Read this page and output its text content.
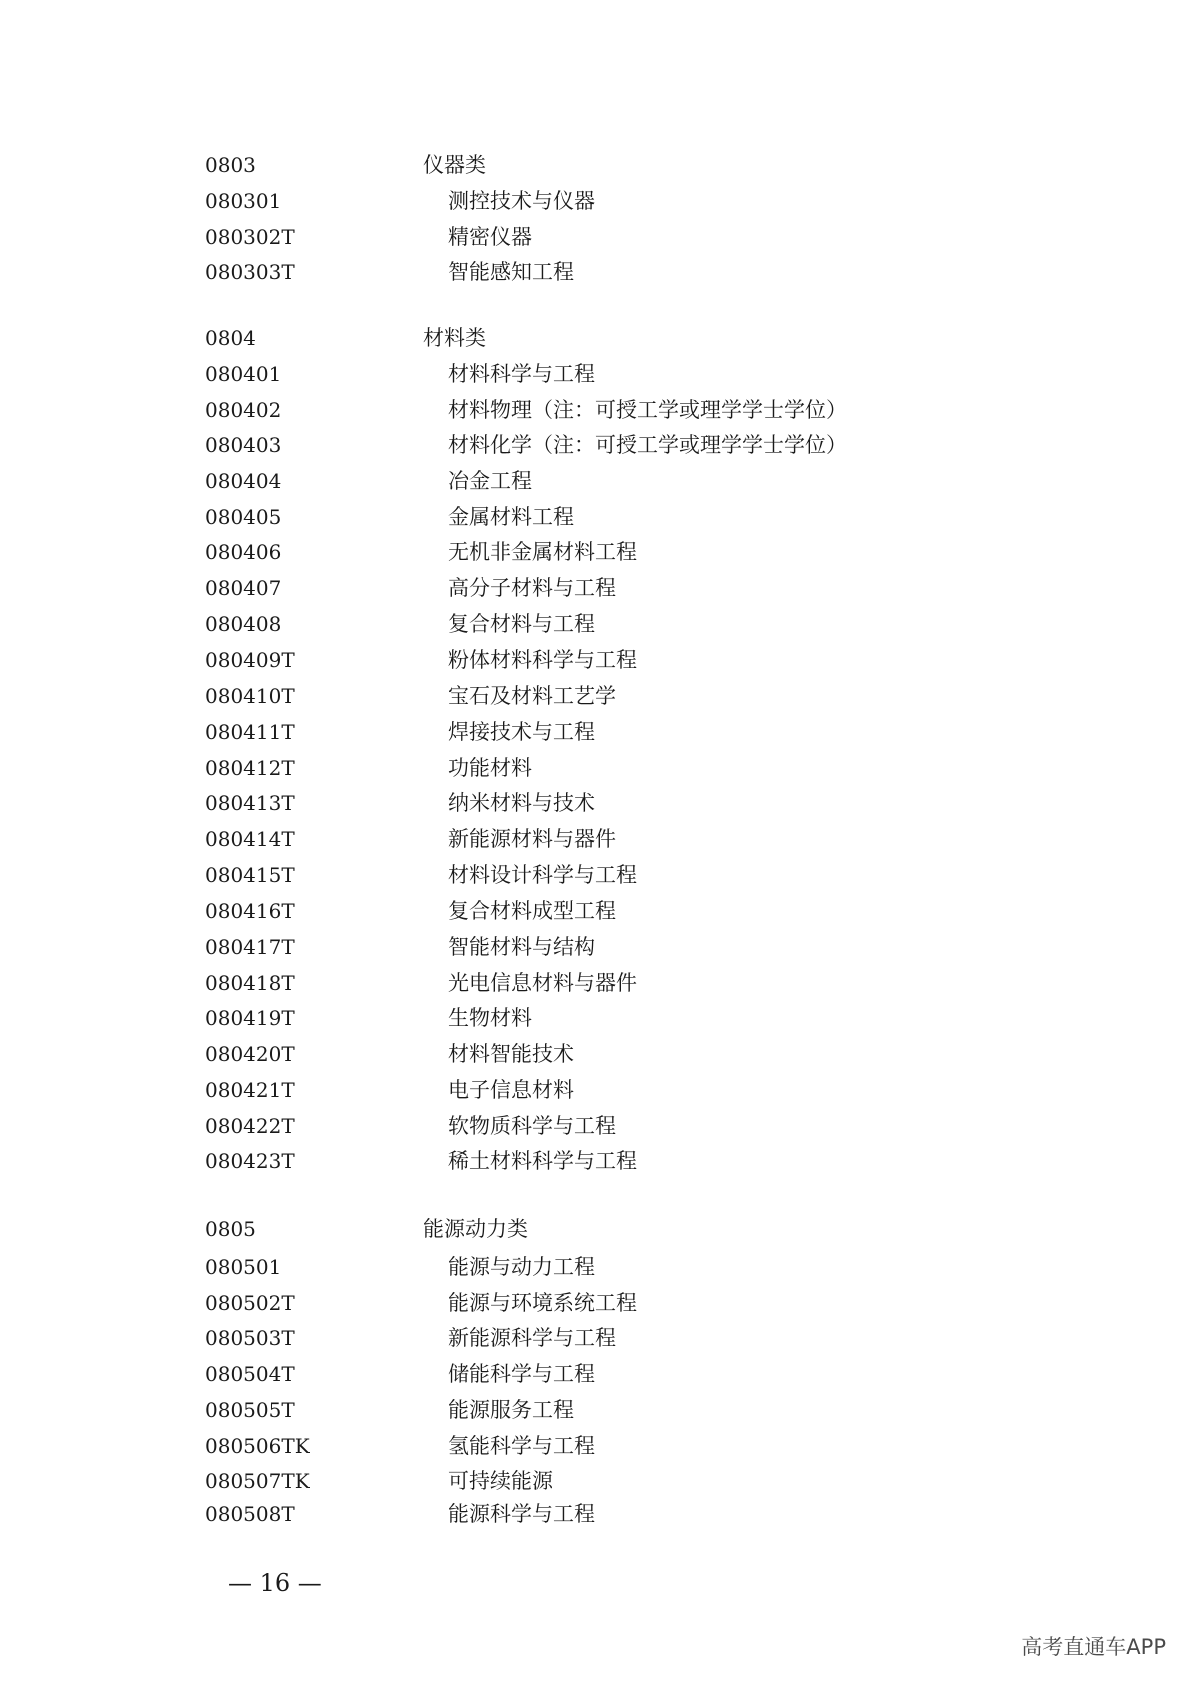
0803	仪器类
080301	测控技术与仪器
080302T	精密仪器
080303T	智能感知工程
0804	材料类
080401	材料科学与工程
080402	材料物理（注：可授工学或理学学士学位）
080403	材料化学（注：可授工学或理学学士学位）
080404	冶金工程
080405	金属材料工程
080406	无机非金属材料工程
080407	高分子材料与工程
080408	复合材料与工程
080409T	粉体材料科学与工程
080410T	宝石及材料工艺学
080411T	焊接技术与工程
080412T	功能材料
080413T	纳米材料与技术
080414T	新能源材料与器件
080415T	材料设计科学与工程
080416T	复合材料成型工程
080417T	智能材料与结构
080418T	光电信息材料与器件
080419T	生物材料
080420T	材料智能技术
080421T	电子信息材料
080422T	软物质科学与工程
080423T	稀土材料科学与工程
0805	能源动力类
080501	能源与动力工程
080502T	能源与环境系统工程
080503T	新能源科学与工程
080504T	储能科学与工程
080505T	能源服务工程
080506TK	氢能科学与工程
080507TK	可持续能源
080508T	能源科学与工程
— 16 —
高考直通车APP
